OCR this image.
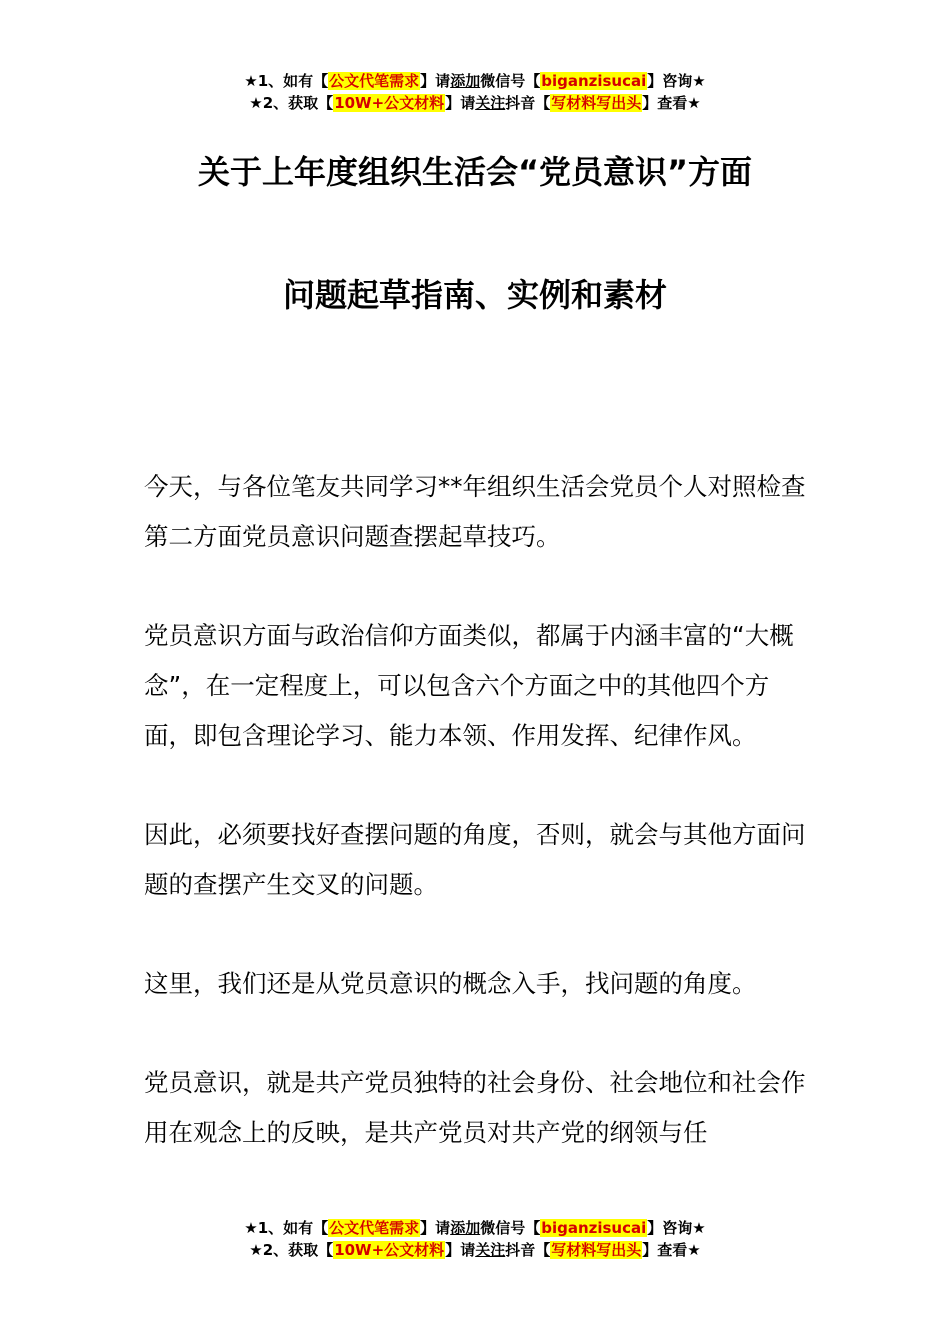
★1、如有【公文代笔需求】请添加微信号【biganzisucai】咨询★
★2、获取【10W+公文材料】请关注抖音【写材料写出头】查看★
关于上年度组织生活会“党员意识”方面
问题起草指南、实例和素材

今天，与各位笔友共同学习**年组织生活会党员个人对照检查第二方面党员意识问题查摆起草技巧。

党员意识方面与政治信仰方面类似，都属于内涵丰富的“大概念”，在一定程度上，可以包含六个方面之中的其他四个方面，即包含理论学习、能力本领、作用发挥、纪律作风。

因此，必须要找好查摆问题的角度，否则，就会与其他方面问题的查摆产生交叉的问题。

这里，我们还是从党员意识的概念入手，找问题的角度。

党员意识，就是共产党员独特的社会身份、社会地位和社会作用在观念上的反映，是共产党员对共产党的纲领与任

★1、如有【公文代笔需求】请添加微信号【biganzisucai】咨询★
★2、获取【10W+公文材料】请关注抖音【写材料写出头】查看★
